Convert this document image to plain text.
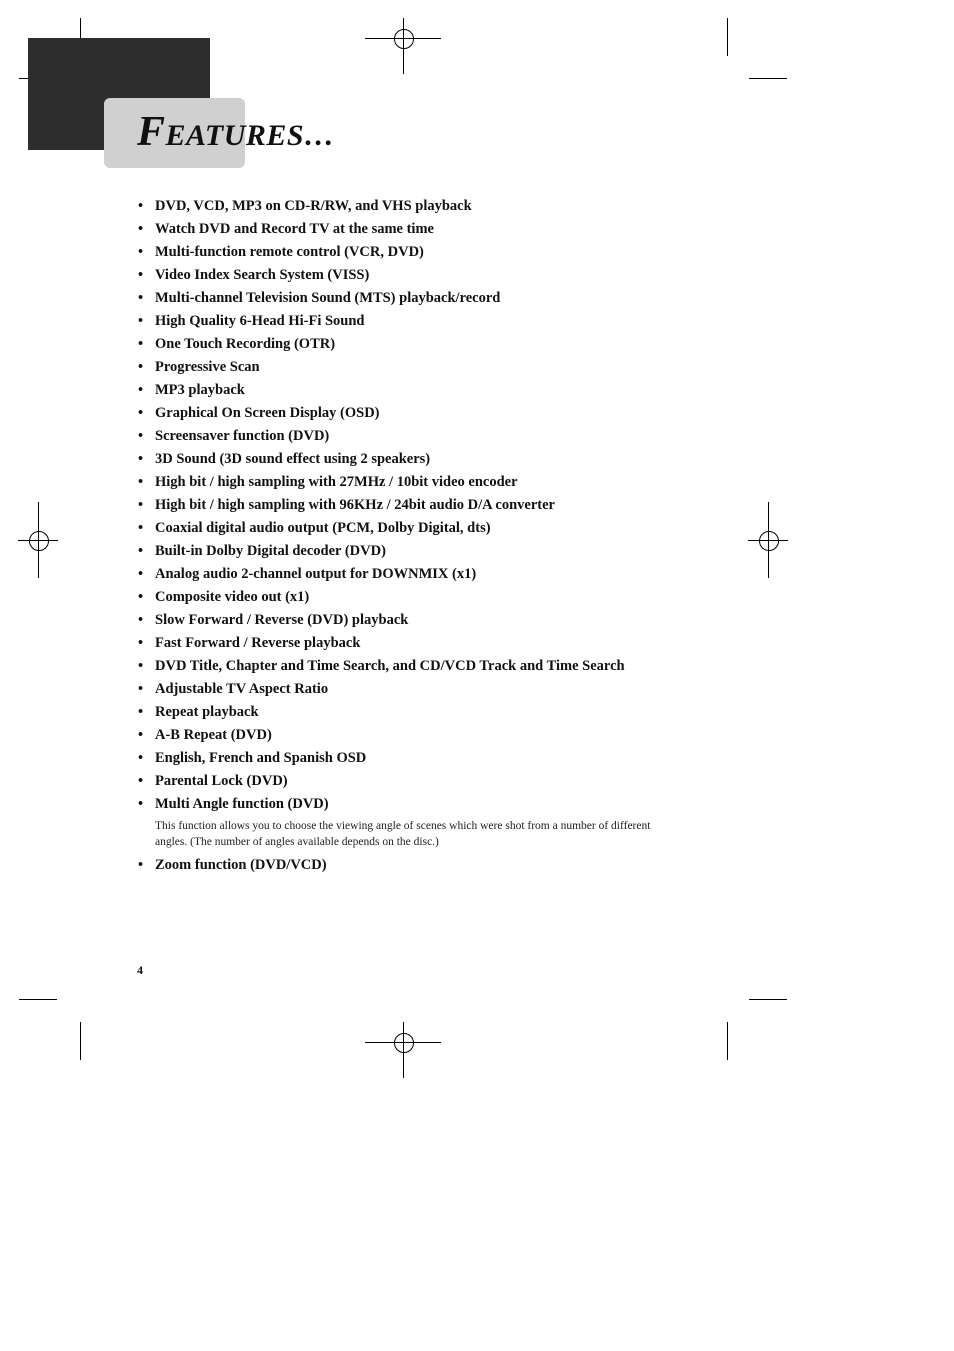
FEATURES…
• DVD, VCD, MP3 on CD-R/RW, and VHS playback
• Watch DVD and Record TV at the same time
• Multi-function remote control (VCR, DVD)
• Video Index Search System (VISS)
• Multi-channel Television Sound (MTS) playback/record
• High Quality 6-Head Hi-Fi Sound
• One Touch Recording (OTR)
• Progressive Scan
• MP3 playback
• Graphical On Screen Display (OSD)
• Screensaver function (DVD)
• 3D Sound (3D sound effect using 2 speakers)
• High bit / high sampling with 27MHz / 10bit video encoder
• High bit / high sampling with 96KHz / 24bit audio D/A converter
• Coaxial digital audio output (PCM, Dolby Digital, dts)
• Built-in Dolby Digital decoder (DVD)
• Analog audio 2-channel output for DOWNMIX (x1)
• Composite video out (x1)
• Slow Forward / Reverse (DVD) playback
• Fast Forward / Reverse playback
• DVD Title, Chapter and Time Search, and CD/VCD Track and Time Search
• Adjustable TV Aspect Ratio
• Repeat playback
• A-B Repeat (DVD)
• English, French and Spanish OSD
• Parental Lock (DVD)
• Multi Angle function (DVD)
This function allows you to choose the viewing angle of scenes which were shot from a number of different angles. (The number of angles available depends on the disc.)
• Zoom function (DVD/VCD)
4
